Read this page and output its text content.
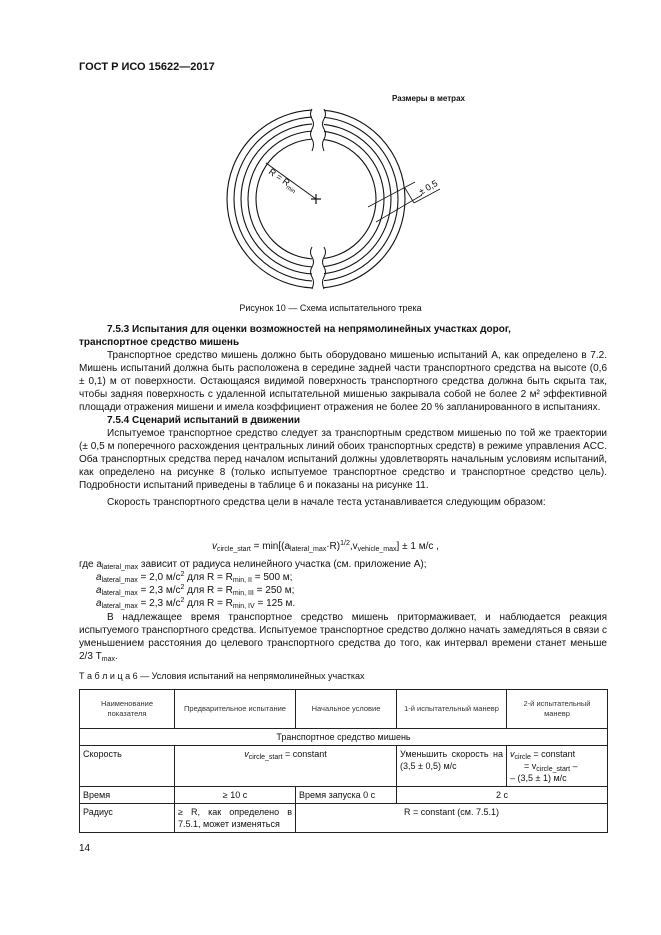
ГОСТ Р ИСО 15622—2017
Размеры в метрах
$R = R_{min}$	± 0,5
Рисунок 10 — Схема испытательного трека

7.5.3 Испытания для оценки возможностей на непрямолинейных участках дорог,

транспортное средство мишень

Транспортное средство мишень должно быть оборудовано мишенью испытаний А, как определено в 7.2. Мишень испытаний должна быть расположена в середине задней части транспортного средства на высоте (0,6 ± 0,1) м от поверхности. Остающаяся видимой поверхность транспортного средства должна быть скрыта так, чтобы задняя поверхность с удаленной испытательной мишенью закрывала собой не более 2 м² эффективной площади отражения мишени и имела коэффициент отражения не более 20 % запланированного в испытаниях.

7.5.4 Сценарий испытаний в движении

Испытуемое транспортное средство следует за транспортным средством мишенью по той же траектории (± 0,5 м поперечного расхождения центральных линий обоих транспортных средств) в режиме управления ACC. Оба транспортных средства перед началом испытаний должны удовлетворять начальным условиям испытаний, как определено на рисунке 8 (только испытуемое транспортное средство и транспортное средство цель). Подробности испытаний приведены в таблице 6 и показаны на рисунке 11.

Скорость транспортного средства цели в начале теста устанавливается следующим образом:

$v_{circle\_start} = \min[(a_{lateral\_max}\cdot R)^{1/2},v_{vehicle\_max}] \pm 1$ м/с ,
где $a_{lateral\_max}$ зависит от радиуса нелинейного участка (см. приложение А);
$a_{lateral\_max} = 2,0$ $м/с^2$ для $R = R_{min, II} = 500$ м;
$a_{lateral\_max} = 2,3$ $м/с^2$ для $R = R_{min, III} = 250$ м;
$a_{lateral\_max} = 2,3$ $м/с^2$ для $R = R_{min, IV} = 125$ м.

В надлежащее время транспортное средство мишень притормаживает, и наблюдается реакция испытуемого транспортного средства. Испытуемое транспортное средство должно начать замедляться в связи с уменьшением расстояния до целевого транспортного средства до того, как интервал времени станет меньше 2/3 $T_{max}$.

Т а б л и ц а 6 — Условия испытаний на непрямолинейных участках
Наименование показателя	Предварительное испытание	Начальное условие	1-й испытательный маневр	2-й испытательный маневр
Транспортное средство мишень				
Скорость	$v_{circle\_start}$ = constant		Уменьшить скорость на (3,5 ± 0,5) м/с	$v_{circle}$ = constant
= $v_{circle\_start}$ –
– (3,5 ± 1) м/с

Время	≥ 10 с	Время запуска 0 с	2 с	
Радиус	≥ R, как определено в 7.5.1, может изменяться	R = constant (см. 7.5.1)		
14
